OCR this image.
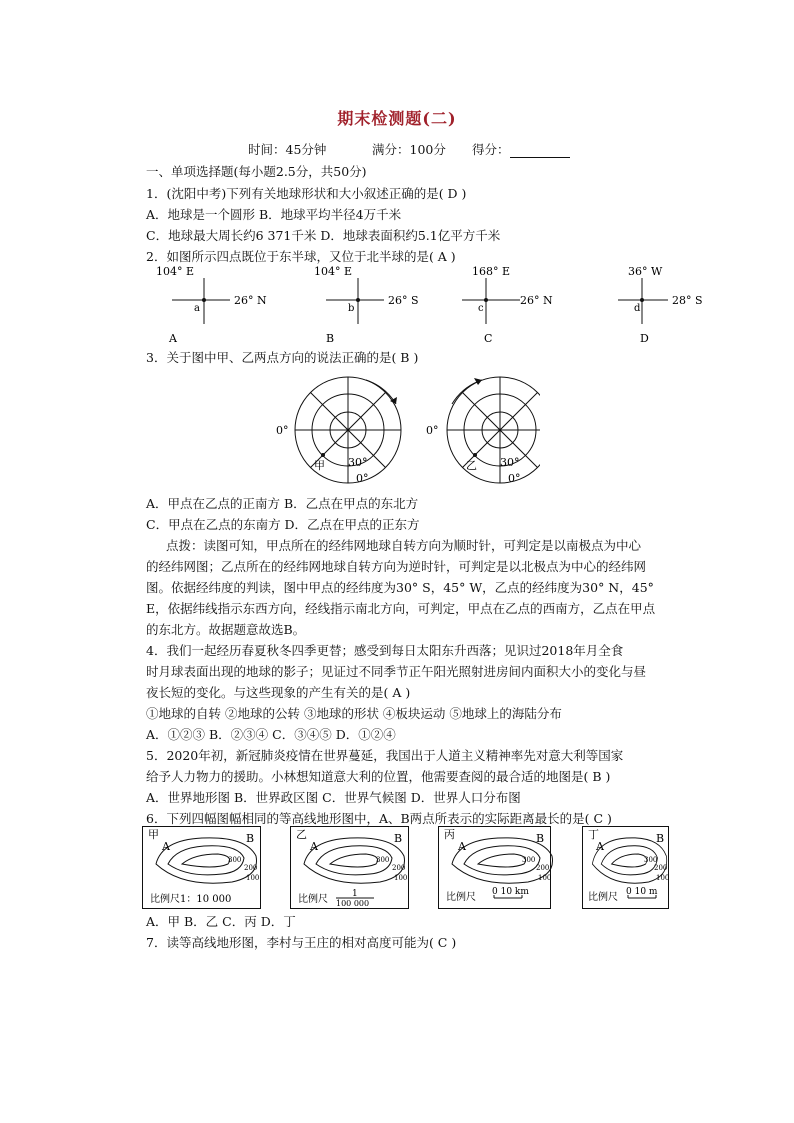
期末检测题(二)
时间：45分钟	满分：100分 得分：
一、单项选择题(每小题2.5分，共50分)
1．(沈阳中考)下列有关地球形状和大小叙述正确的是( D )
A．地球是一个圆形 B．地球平均半径4万千米
C．地球最大周长约6 371千米 D．地球表面积约5.1亿平方千米
2．如图所示四点既位于东半球，又位于北半球的是( A )
104° E
26° N
a
A
104° E
26° S
b
B
168° E
26° N
c
C
36° W
28° S
d
D
3．关于图中甲、乙两点方向的说法正确的是( B )
0°
30°
0°
甲
0°
30°
0°
乙
A．甲点在乙点的正南方 B．乙点在甲点的东北方
C．甲点在乙点的东南方 D．乙点在甲点的正东方
点拨：读图可知，甲点所在的经纬网地球自转方向为顺时针，可判定是以南极点为中心
的经纬网图；乙点所在的经纬网地球自转方向为逆时针，可判定是以北极点为中心的经纬网
图。依据经纬度的判读，图中甲点的经纬度为30° S，45° W，乙点的经纬度为30° N，45°
E，依据纬线指示东西方向，经线指示南北方向，可判定，甲点在乙点的西南方，乙点在甲点
的东北方。故据题意故选B。
4．我们一起经历春夏秋冬四季更替；感受到每日太阳东升西落；见识过2018年月全食
时月球表面出现的地球的影子；见证过不同季节正午阳光照射进房间内面积大小的变化与昼
夜长短的变化。与这些现象的产生有关的是( A )
①地球的自转 ②地球的公转 ③地球的形状 ④板块运动 ⑤地球上的海陆分布
A．①②③ B．②③④ C．③④⑤ D．①②④
5．2020年初，新冠肺炎疫情在世界蔓延，我国出于人道主义精神率先对意大利等国家
给予人力物力的援助。小林想知道意大利的位置，他需要查阅的最合适的地图是( B )
A．世界地形图 B．世界政区图 C．世界气候图 D．世界人口分布图
6．下列四幅图幅相同的等高线地形图中，A、B两点所表示的实际距离最长的是( C )
甲
A
B
300
200
100
比例尺1：10 000
乙
A
B
300
200
100
比例尺	1
100 000
丙
A
B
300
200
100
比例尺 0 10 km
丁
A
B
300
200
100
比例尺 0 10 m
A．甲 B．乙 C．丙 D．丁
7．读等高线地形图，李村与王庄的相对高度可能为( C )
